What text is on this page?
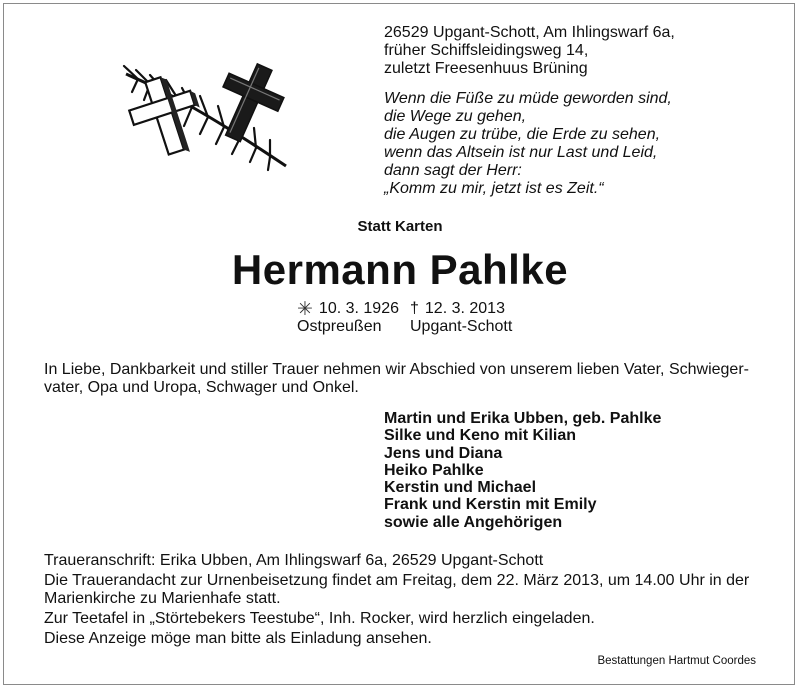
26529 Upgant-Schott, Am Ihlingswarf 6a,
früher Schiffsleidingsweg 14,
zuletzt Freesenhuus Brüning
Wenn die Füße zu müde geworden sind,
die Wege zu gehen,
die Augen zu trübe, die Erde zu sehen,
wenn das Altsein ist nur Last und Leid,
dann sagt der Herr:
„Komm zu mir, jetzt ist es Zeit.“
Statt Karten
Hermann Pahlke
✳ 10. 3. 1926
Ostpreußen
† 12. 3. 2013
Upgant-Schott
In Liebe, Dankbarkeit und stiller Trauer nehmen wir Abschied von unserem lieben Vater, Schwiegervater, Opa und Uropa, Schwager und Onkel.
Martin und Erika Ubben, geb. Pahlke
Silke und Keno mit Kilian
Jens und Diana
Heiko Pahlke
Kerstin und Michael
Frank und Kerstin mit Emily
sowie alle Angehörigen

Traueranschrift: Erika Ubben, Am Ihlingswarf 6a, 26529 Upgant-Schott

Die Trauerandacht zur Urnenbeisetzung findet am Freitag, dem 22. März 2013, um 14.00 Uhr in der Marienkirche zu Marienhafe statt.

Zur Teetafel in „Störtebekers Teestube“, Inh. Rocker, wird herzlich eingeladen.

Diese Anzeige möge man bitte als Einladung ansehen.

Bestattungen Hartmut Coordes
